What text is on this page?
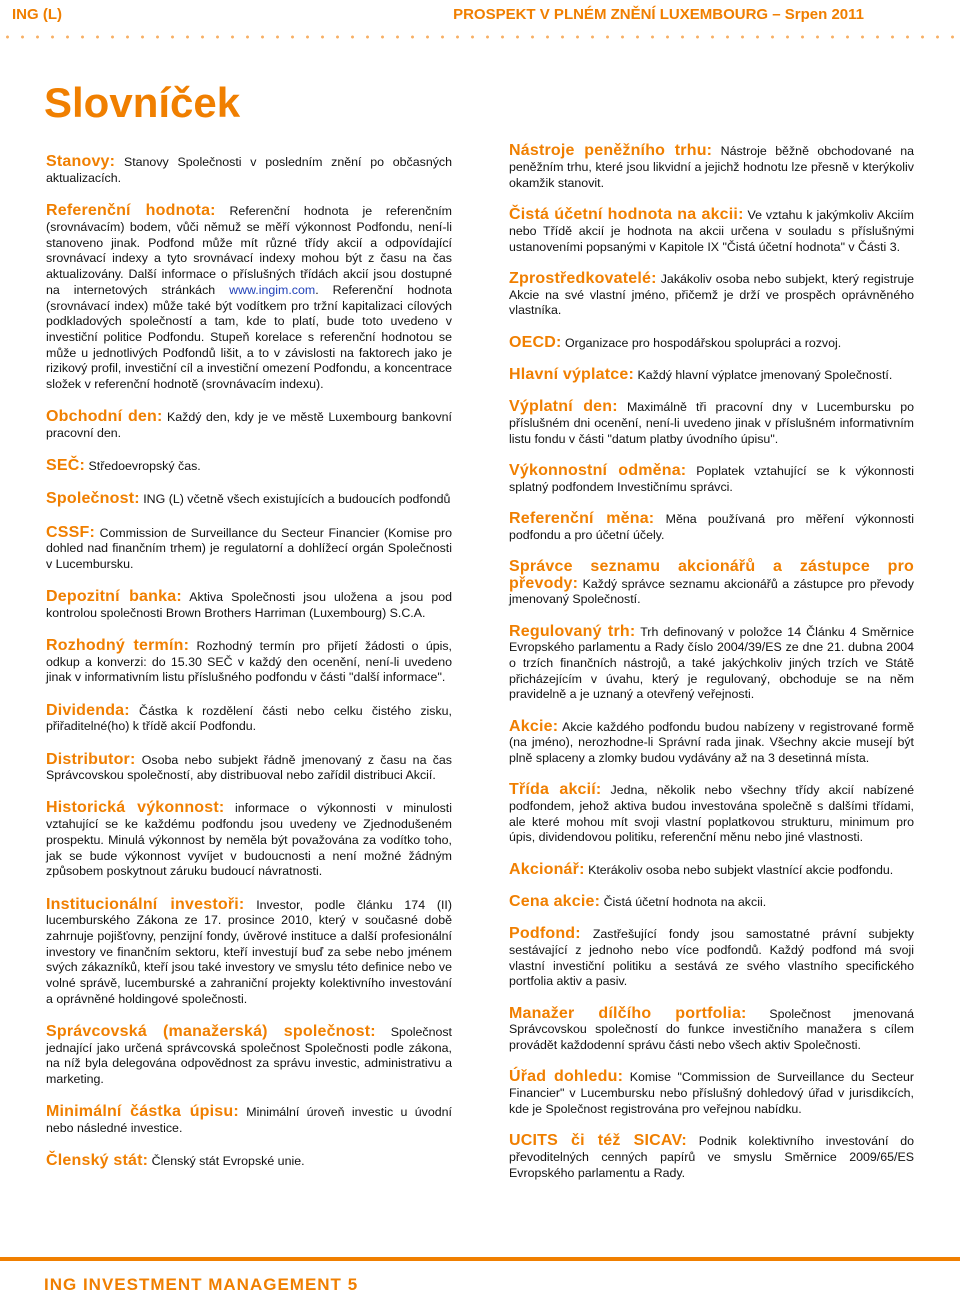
ING (L)	PROSPEKT V PLNÉM ZNĚNÍ LUXEMBOURG – Srpen 2011
Slovníček

Stanovy: Stanovy Společnosti v posledním znění po občasných aktualizacích.

Referenční hodnota: Referenční hodnota je referenčním (srovnávacím) bodem, vůči němuž se měří výkonnost Podfondu, není-li stanoveno jinak. Podfond může mít různé třídy akcií a odpovídající srovnávací indexy a tyto srovnávací indexy mohou být z času na čas aktualizovány. Další informace o příslušných třídách akcií jsou dostupné na internetových stránkách www.ingim.com. Referenční hodnota (srovnávací index) může také být vodítkem pro tržní kapitalizaci cílových podkladových společností a tam, kde to platí, bude toto uvedeno v investiční politice Podfondu. Stupeň korelace s referenční hodnotou se může u jednotlivých Podfondů lišit, a to v závislosti na faktorech jako je rizikový profil, investiční cíl a investiční omezení Podfondu, a koncentrace složek v referenční hodnotě (srovnávacím indexu).

Obchodní den: Každý den, kdy je ve městě Luxembourg bankovní pracovní den.

SEČ: Středoevropský čas.

Společnost: ING (L) včetně všech existujících a budoucích podfondů

CSSF: Commission de Surveillance du Secteur Financier (Komise pro dohled nad finančním trhem) je regulatorní a dohlížecí orgán Společnosti v Lucembursku.

Depozitní banka: Aktiva Společnosti jsou uložena a jsou pod kontrolou společnosti Brown Brothers Harriman (Luxembourg) S.C.A.

Rozhodný termín: Rozhodný termín pro přijetí žádosti o úpis, odkup a konverzi: do 15.30 SEČ v každý den ocenění, není-li uvedeno jinak v informativním listu příslušného podfondu v části "další informace".

Dividenda: Částka k rozdělení části nebo celku čistého zisku, přiřaditelné(ho) k třídě akcií Podfondu.

Distributor: Osoba nebo subjekt řádně jmenovaný z času na čas Správcovskou společností, aby distribuoval nebo zařídil distribuci Akcií.

Historická výkonnost: informace o výkonnosti v minulosti vztahující se ke každému podfondu jsou uvedeny ve Zjednodušeném prospektu. Minulá výkonnost by neměla být považována za vodítko toho, jak se bude výkonnost vyvíjet v budoucnosti a není možné žádným způsobem poskytnout záruku budoucí návratnosti.

Institucionální investoři: Investor, podle článku 174 (II) lucemburského Zákona ze 17. prosince 2010, který v současné době zahrnuje pojišťovny, penzijní fondy, úvěrové instituce a další profesionální investory ve finančním sektoru, kteří investují buď za sebe nebo jménem svých zákazníků, kteří jsou také investory ve smyslu této definice nebo ve volné správě, lucemburské a zahraniční projekty kolektivního investování a oprávněné holdingové společnosti.

Správcovská (manažerská) společnost: Společnost jednající jako určená správcovská společnost Společnosti podle zákona, na níž byla delegována odpovědnost za správu investic, administrativu a marketing.

Minimální částka úpisu: Minimální úroveň investic u úvodní nebo následné investice.

Členský stát: Členský stát Evropské unie.

Nástroje peněžního trhu: Nástroje běžně obchodované na peněžním trhu, které jsou likvidní a jejichž hodnotu lze přesně v kterýkoliv okamžik stanovit.

Čistá účetní hodnota na akcii: Ve vztahu k jakýmkoliv Akciím nebo Třídě akcií je hodnota na akcii určena v souladu s příslušnými ustanoveními popsanými v Kapitole IX "Čistá účetní hodnota" v Části 3.

Zprostředkovatelé: Jakákoliv osoba nebo subjekt, který registruje Akcie na své vlastní jméno, přičemž je drží ve prospěch oprávněného vlastníka.

OECD: Organizace pro hospodářskou spolupráci a rozvoj.

Hlavní výplatce: Každý hlavní výplatce jmenovaný Společností.

Výplatní den: Maximálně tři pracovní dny v Lucembursku po příslušném dni ocenění, není-li uvedeno jinak v příslušném informativním listu fondu v části "datum platby úvodního úpisu".

Výkonnostní odměna: Poplatek vztahující se k výkonnosti splatný podfondem Investičnímu správci.

Referenční měna: Měna používaná pro měření výkonnosti podfondu a pro účetní účely.

Správce seznamu akcionářů a zástupce pro převody: Každý správce seznamu akcionářů a zástupce pro převody jmenovaný Společností.

Regulovaný trh: Trh definovaný v položce 14 Článku 4 Směrnice Evropského parlamentu a Rady číslo 2004/39/ES ze dne 21. dubna 2004 o trzích finančních nástrojů, a také jakýchkoliv jiných trzích ve Státě přicházejícím v úvahu, který je regulovaný, obchoduje se na něm pravidelně a je uznaný a otevřený veřejnosti.

Akcie: Akcie každého podfondu budou nabízeny v registrované formě (na jméno), nerozhodne-li Správní rada jinak. Všechny akcie musejí být plně splaceny a zlomky budou vydávány až na 3 desetinná místa.

Třída akcií: Jedna, několik nebo všechny třídy akcií nabízené podfondem, jehož aktiva budou investována společně s dalšími třídami, ale které mohou mít svoji vlastní poplatkovou strukturu, minimum pro úpis, dividendovou politiku, referenční měnu nebo jiné vlastnosti.

Akcionář: Kterákoliv osoba nebo subjekt vlastnící akcie podfondu.

Cena akcie: Čistá účetní hodnota na akcii.

Podfond: Zastřešující fondy jsou samostatné právní subjekty sestávající z jednoho nebo více podfondů. Každý podfond má svoji vlastní investiční politiku a sestává ze svého vlastního specifického portfolia aktiv a pasiv.

Manažer dílčího portfolia: Společnost jmenovaná Správcovskou společností do funkce investičního manažera s cílem provádět každodenní správu části nebo všech aktiv Společnosti.

Úřad dohledu: Komise "Commission de Surveillance du Secteur Financier" v Lucembursku nebo příslušný dohledový úřad v jurisdikcích, kde je Společnost registrována pro veřejnou nabídku.

UCITS či též SICAV: Podnik kolektivního investování do převoditelných cenných papírů ve smyslu Směrnice 2009/65/ES Evropského parlamentu a Rady.

ING INVESTMENT MANAGEMENT 5
